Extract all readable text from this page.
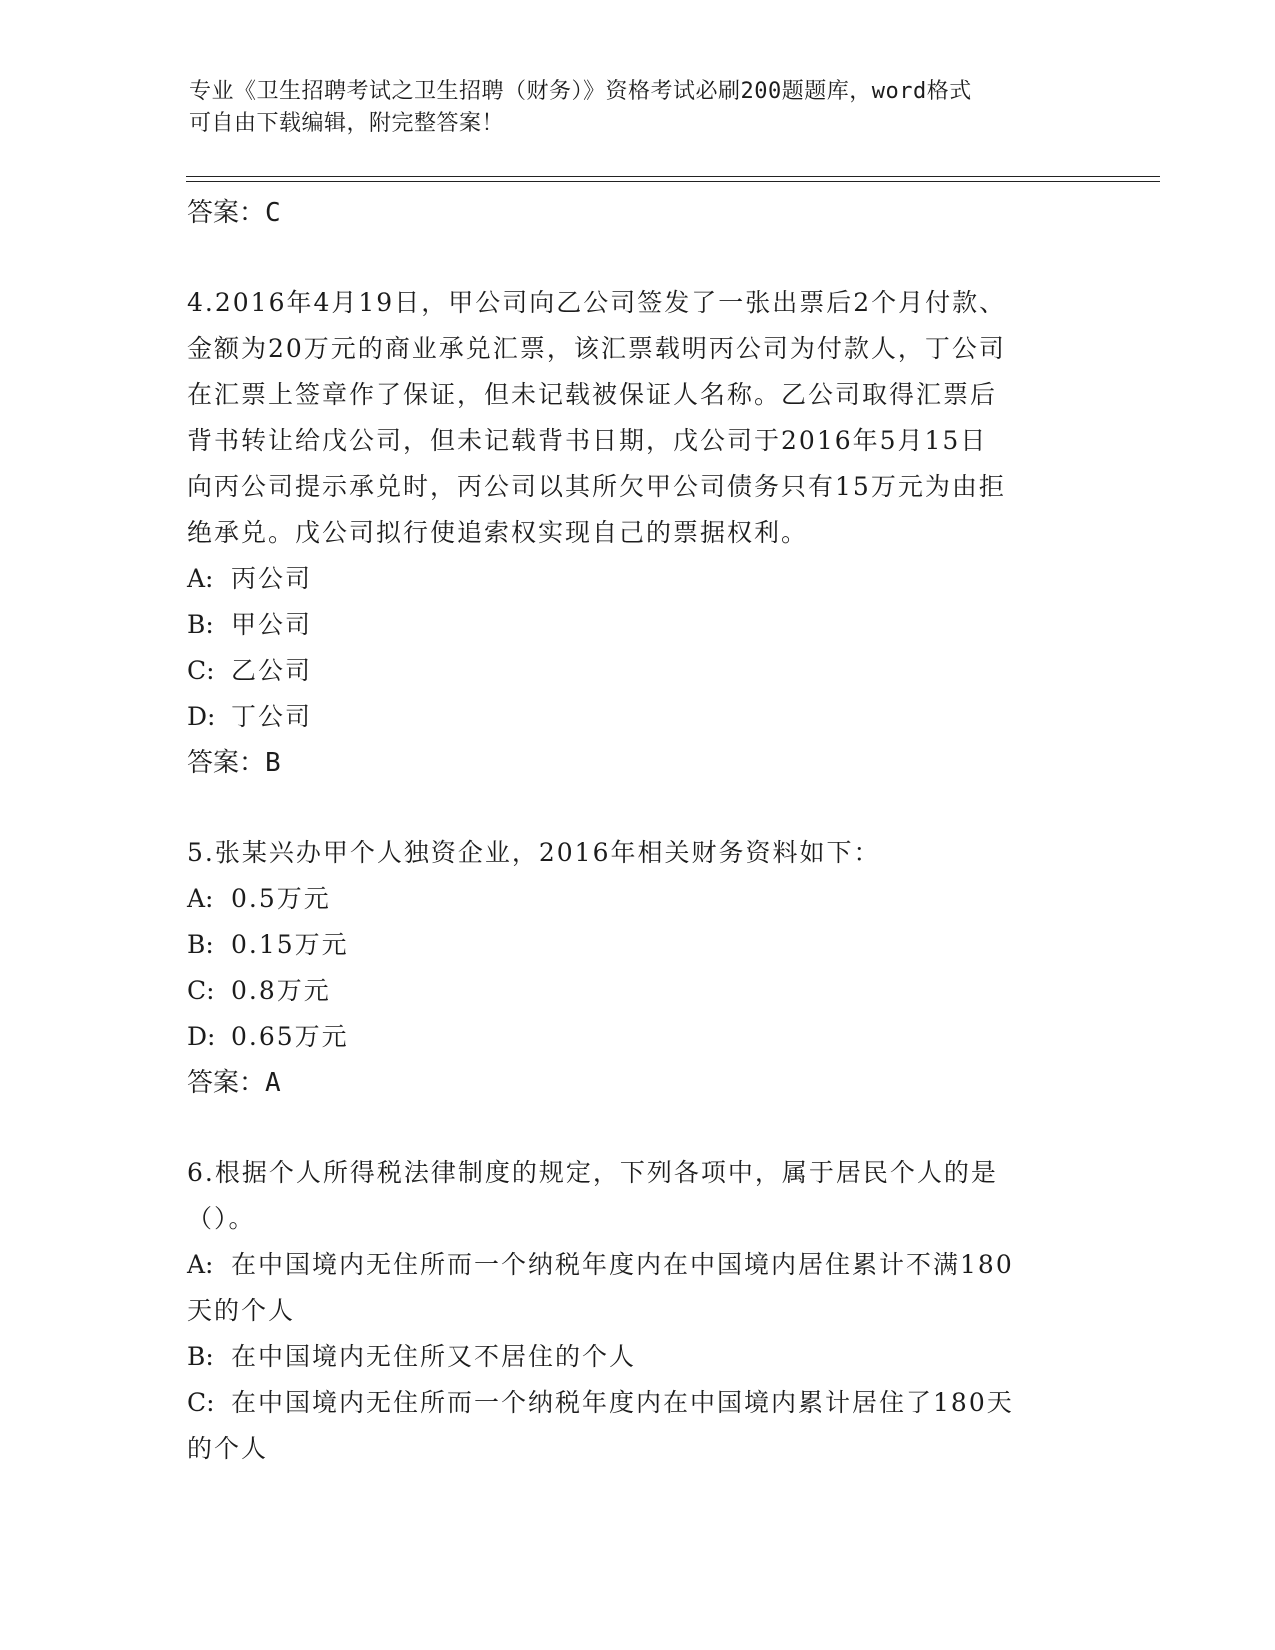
专业《卫生招聘考试之卫生招聘（财务）》资格考试必刷200题题库，word格式
可自由下载编辑，附完整答案！
答案：C
4.2016年4月19日，甲公司向乙公司签发了一张出票后2个月付款、
金额为20万元的商业承兑汇票，该汇票载明丙公司为付款人，丁公司
在汇票上签章作了保证，但未记载被保证人名称。乙公司取得汇票后
背书转让给戊公司，但未记载背书日期，戊公司于2016年5月15日
向丙公司提示承兑时，丙公司以其所欠甲公司债务只有15万元为由拒
绝承兑。戊公司拟行使追索权实现自己的票据权利。
A: 丙公司
B: 甲公司
C: 乙公司
D: 丁公司
答案：B
5.张某兴办甲个人独资企业，2016年相关财务资料如下：
A: 0.5万元
B: 0.15万元
C: 0.8万元
D: 0.65万元
答案：A
6.根据个人所得税法律制度的规定，下列各项中，属于居民个人的是
（）。
A: 在中国境内无住所而一个纳税年度内在中国境内居住累计不满180
天的个人
B: 在中国境内无住所又不居住的个人
C: 在中国境内无住所而一个纳税年度内在中国境内累计居住了180天
的个人
